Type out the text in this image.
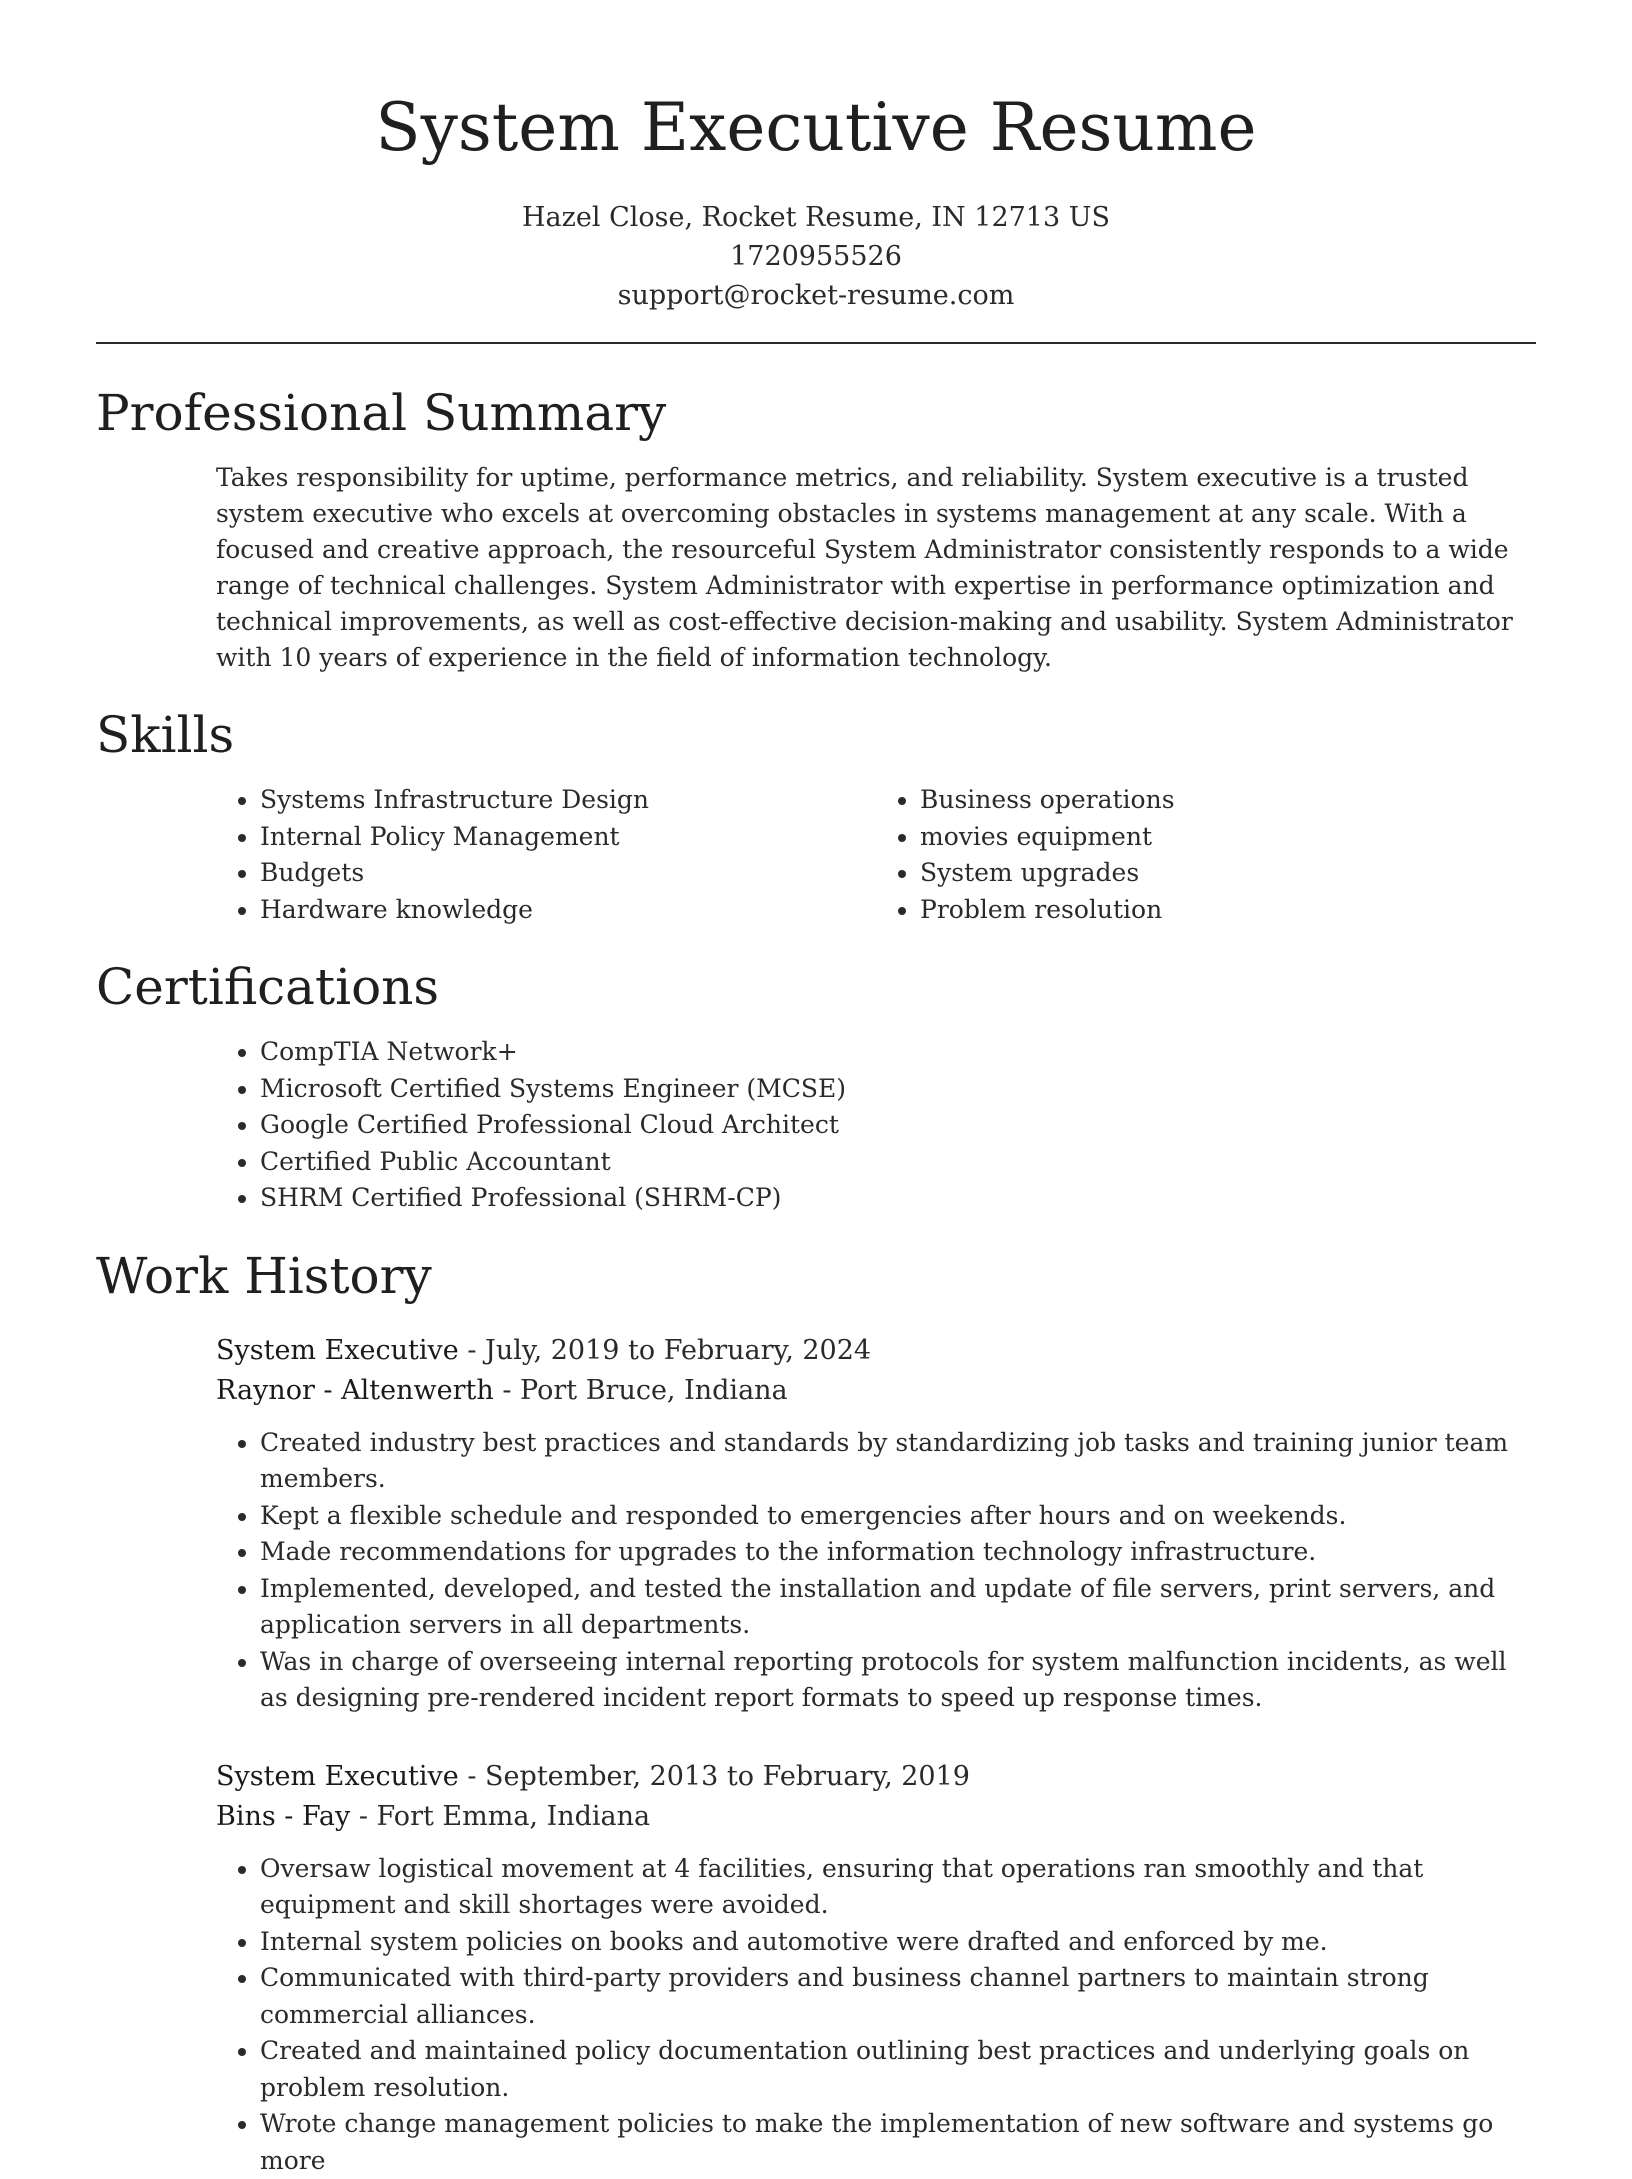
System Executive Resume
Hazel Close, Rocket Resume, IN 12713 US
1720955526
support@rocket-resume.com
Professional Summary

Takes responsibility for uptime, performance metrics, and reliability. System executive is a trusted system executive who excels at overcoming obstacles in systems management at any scale. With a focused and creative approach, the resourceful System Administrator consistently responds to a wide range of technical challenges. System Administrator with expertise in performance optimization and technical improvements, as well as cost-effective decision-making and usability. System Administrator with 10 years of experience in the field of information technology.

Skills
• Systems Infrastructure Design
• Internal Policy Management
• Budgets
• Hardware knowledge
• Business operations
• movies equipment
• System upgrades
• Problem resolution
Certifications
• CompTIA Network+
• Microsoft Certified Systems Engineer (MCSE)
• Google Certified Professional Cloud Architect
• Certified Public Accountant
• SHRM Certified Professional (SHRM-CP)
Work History
System Executive - July, 2019 to February, 2024
Raynor - Altenwerth - Port Bruce, Indiana
• Created industry best practices and standards by standardizing job tasks and training junior team members.
• Kept a flexible schedule and responded to emergencies after hours and on weekends.
• Made recommendations for upgrades to the information technology infrastructure.
• Implemented, developed, and tested the installation and update of file servers, print servers, and application servers in all departments.
• Was in charge of overseeing internal reporting protocols for system malfunction incidents, as well as designing pre-rendered incident report formats to speed up response times.
System Executive - September, 2013 to February, 2019
Bins - Fay - Fort Emma, Indiana
• Oversaw logistical movement at 4 facilities, ensuring that operations ran smoothly and that equipment and skill shortages were avoided.
• Internal system policies on books and automotive were drafted and enforced by me.
• Communicated with third-party providers and business channel partners to maintain strong commercial alliances.
• Created and maintained policy documentation outlining best practices and underlying goals on problem resolution.
• Wrote change management policies to make the implementation of new software and systems go more
